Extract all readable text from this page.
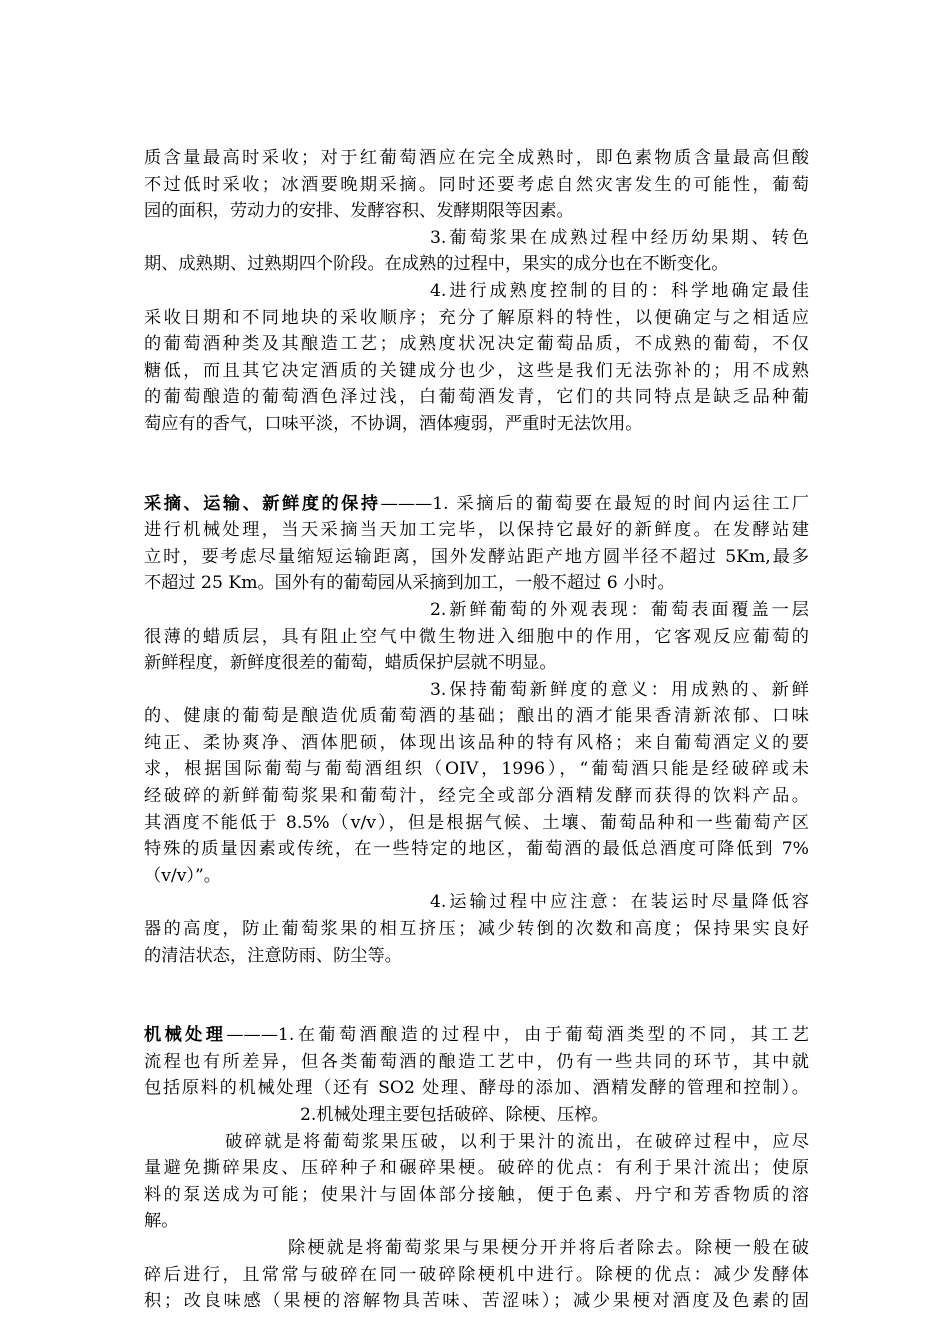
质含量最高时采收；对于红葡萄酒应在完全成熟时，即色素物质含量最高但酸
不过低时采收；冰酒要晚期采摘。同时还要考虑自然灾害发生的可能性，葡萄
园的面积，劳动力的安排、发酵容积、发酵期限等因素。
3.葡萄浆果在成熟过程中经历幼果期、转色
期、成熟期、过熟期四个阶段。在成熟的过程中，果实的成分也在不断变化。
4.进行成熟度控制的目的：科学地确定最佳
采收日期和不同地块的采收顺序；充分了解原料的特性，以便确定与之相适应
的葡萄酒种类及其酿造工艺；成熟度状况决定葡萄品质，不成熟的葡萄，不仅
糖低，而且其它决定酒质的关键成分也少，这些是我们无法弥补的；用不成熟
的葡萄酿造的葡萄酒色泽过浅，白葡萄酒发青，它们的共同特点是缺乏品种葡
萄应有的香气，口味平淡，不协调，酒体瘦弱，严重时无法饮用。
采摘、运输、新鲜度的保持———1. 采摘后的葡萄要在最短的时间内运往工厂
进行机械处理，当天采摘当天加工完毕，以保持它最好的新鲜度。在发酵站建
立时，要考虑尽量缩短运输距离，国外发酵站距产地方圆半径不超过 5Km,最多
不超过 25 Km。国外有的葡萄园从采摘到加工，一般不超过 6 小时。
2.新鲜葡萄的外观表现：葡萄表面覆盖一层
很薄的蜡质层，具有阻止空气中微生物进入细胞中的作用，它客观反应葡萄的
新鲜程度，新鲜度很差的葡萄，蜡质保护层就不明显。
3.保持葡萄新鲜度的意义：用成熟的、新鲜
的、健康的葡萄是酿造优质葡萄酒的基础；酿出的酒才能果香清新浓郁、口味
纯正、柔协爽净、酒体肥硕，体现出该品种的特有风格；来自葡萄酒定义的要
求，根据国际葡萄与葡萄酒组织（OIV，1996），“葡萄酒只能是经破碎或未
经破碎的新鲜葡萄浆果和葡萄汁，经完全或部分酒精发酵而获得的饮料产品。
其酒度不能低于 8.5%（v/v），但是根据气候、土壤、葡萄品种和一些葡萄产区
特殊的质量因素或传统，在一些特定的地区，葡萄酒的最低总酒度可降低到 7%
（v/v）”。
4.运输过程中应注意：在装运时尽量降低容
器的高度，防止葡萄浆果的相互挤压；减少转倒的次数和高度；保持果实良好
的清洁状态，注意防雨、防尘等。
机械处理———1.在葡萄酒酿造的过程中，由于葡萄酒类型的不同，其工艺
流程也有所差异，但各类葡萄酒的酿造工艺中，仍有一些共同的环节，其中就
包括原料的机械处理（还有 SO2 处理、酵母的添加、酒精发酵的管理和控制）。
2.机械处理主要包括破碎、除梗、压榨。
破碎就是将葡萄浆果压破，以利于果汁的流出，在破碎过程中，应尽
量避免撕碎果皮、压碎种子和碾碎果梗。破碎的优点：有利于果汁流出；使原
料的泵送成为可能；使果汁与固体部分接触，便于色素、丹宁和芳香物质的溶
解。
除梗就是将葡萄浆果与果梗分开并将后者除去。除梗一般在破
碎后进行，且常常与破碎在同一破碎除梗机中进行。除梗的优点：减少发酵体
积；改良味感（果梗的溶解物具苦味、苦涩味）；减少果梗对酒度及色素的固
